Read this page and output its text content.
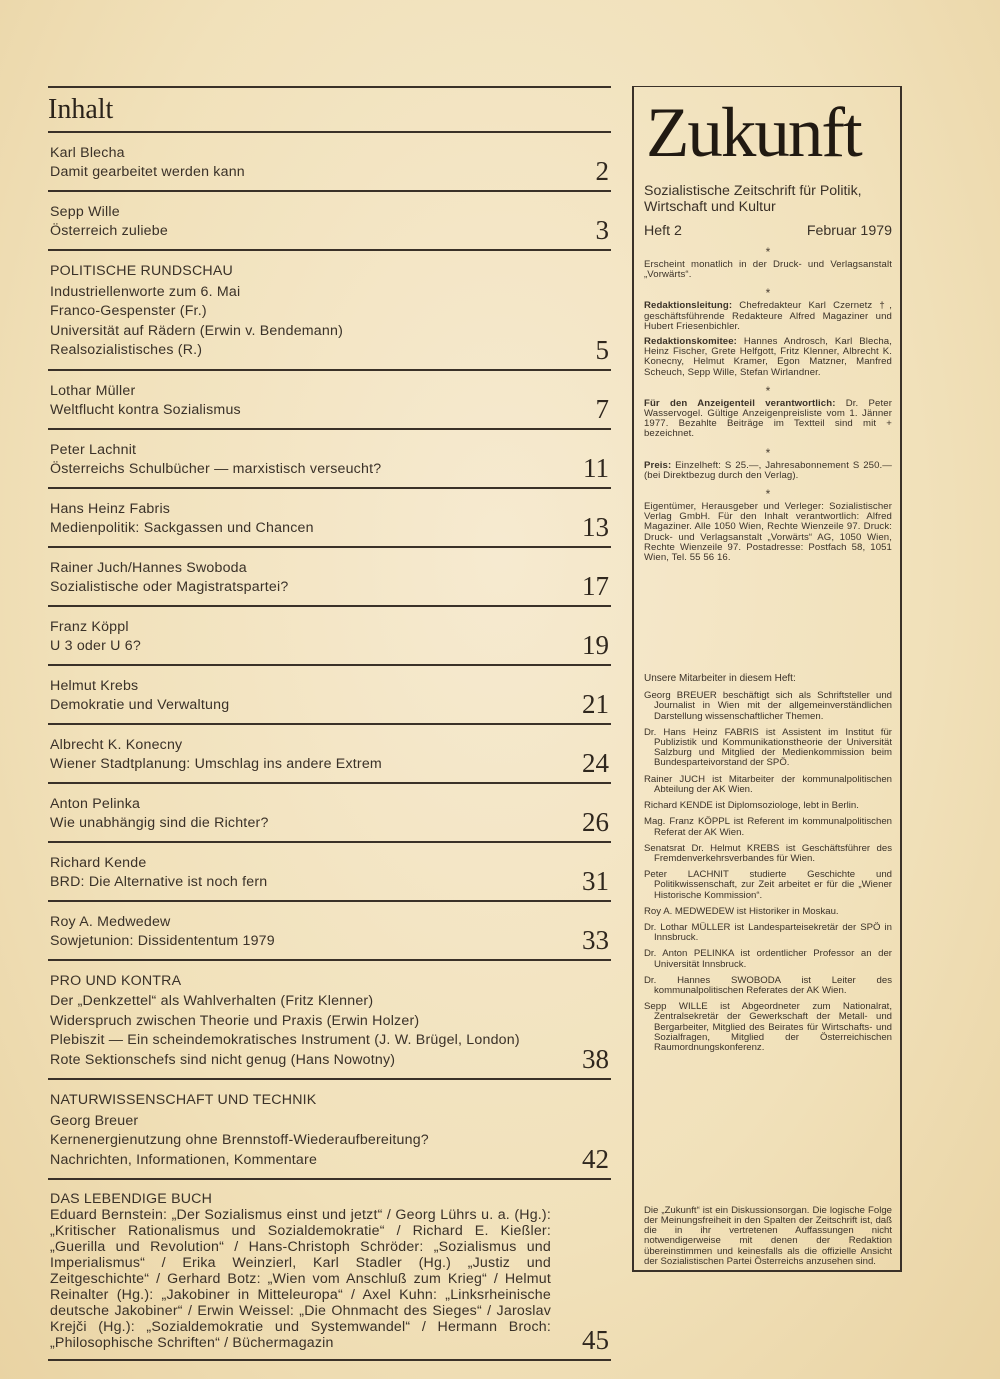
Inhalt
Karl Blecha
Damit gearbeitet werden kann	2
Sepp Wille
Österreich zuliebe	3
POLITISCHE RUNDSCHAU
Industriellenworte zum 6. Mai
Franco-Gespenster (Fr.)
Universität auf Rädern (Erwin v. Bendemann)
Realsozialistisches (R.)	5
Lothar Müller
Weltflucht kontra Sozialismus	7
Peter Lachnit
Österreichs Schulbücher — marxistisch verseucht?	11
Hans Heinz Fabris
Medienpolitik: Sackgassen und Chancen	13
Rainer Juch/Hannes Swoboda
Sozialistische oder Magistratspartei?	17
Franz Köppl
U 3 oder U 6?	19
Helmut Krebs
Demokratie und Verwaltung	21
Albrecht K. Konecny
Wiener Stadtplanung: Umschlag ins andere Extrem	24
Anton Pelinka
Wie unabhängig sind die Richter?	26
Richard Kende
BRD: Die Alternative ist noch fern	31
Roy A. Medwedew
Sowjetunion: Dissidententum 1979	33
PRO UND KONTRA
Der „Denkzettel“ als Wahlverhalten (Fritz Klenner)
Widerspruch zwischen Theorie und Praxis (Erwin Holzer)
Plebiszit — Ein scheindemokratisches Instrument (J. W. Brügel, London)
Rote Sektionschefs sind nicht genug (Hans Nowotny)	38
NATURWISSENSCHAFT UND TECHNIK
Georg Breuer
Kernenergienutzung ohne Brennstoff-Wiederaufbereitung?
Nachrichten, Informationen, Kommentare	42
DAS LEBENDIGE BUCH
Eduard Bernstein: „Der Sozialismus einst und jetzt“ / Georg Lührs u. a. (Hg.): „Kritischer Rationalismus und Sozialdemokratie“ / Richard E. Kießler: „Guerilla und Revolution“ / Hans-Christoph Schröder: „Sozialismus und Imperialismus“ / Erika Weinzierl, Karl Stadler (Hg.) „Justiz und Zeitgeschichte“ / Gerhard Botz: „Wien vom Anschluß zum Krieg“ / Helmut Reinalter (Hg.): „Jakobiner in Mitteleuropa“ / Axel Kuhn: „Linksrheinische deutsche Jakobiner“ / Erwin Weissel: „Die Ohnmacht des Sieges“ / Jaroslav Krejči (Hg.): „Sozialdemokratie und Systemwandel“ / Hermann Broch: „Philosophische Schriften“ / Büchermagazin	45
Zukunft
Sozialistische Zeitschrift für Politik, Wirtschaft und Kultur
Heft 2	Februar 1979
*
Erscheint monatlich in der Druck- und Verlagsanstalt „Vorwärts“.
*
Redaktionsleitung: Chefredakteur Karl Czernetz †, geschäftsführende Redakteure Alfred Magaziner und Hubert Friesenbichler.
Redaktionskomitee: Hannes Androsch, Karl Blecha, Heinz Fischer, Grete Helfgott, Fritz Klenner, Albrecht K. Konecny, Helmut Kramer, Egon Matzner, Manfred Scheuch, Sepp Wille, Stefan Wirlandner.
*
Für den Anzeigenteil verantwortlich: Dr. Peter Wasservogel. Gültige Anzeigenpreisliste vom 1. Jänner 1977. Bezahlte Beiträge im Textteil sind mit + bezeichnet.
*
Preis: Einzelheft: S 25.—, Jahresabonnement S 250.— (bei Direktbezug durch den Verlag).
*
Eigentümer, Herausgeber und Verleger: Sozialistischer Verlag GmbH. Für den Inhalt verantwortlich: Alfred Magaziner. Alle 1050 Wien, Rechte Wienzeile 97. Druck: Druck- und Verlagsanstalt „Vorwärts“ AG, 1050 Wien, Rechte Wienzeile 97. Postadresse: Postfach 58, 1051 Wien, Tel. 55 56 16.
Unsere Mitarbeiter in diesem Heft:
Georg BREUER beschäftigt sich als Schriftsteller und Journalist in Wien mit der allgemeinverständlichen Darstellung wissenschaftlicher Themen.
Dr. Hans Heinz FABRIS ist Assistent im Institut für Publizistik und Kommunikationstheorie der Universität Salzburg und Mitglied der Medienkommission beim Bundesparteivorstand der SPÖ.
Rainer JUCH ist Mitarbeiter der kommunalpolitischen Abteilung der AK Wien.
Richard KENDE ist Diplomsoziologe, lebt in Berlin.
Mag. Franz KÖPPL ist Referent im kommunalpolitischen Referat der AK Wien.
Senatsrat Dr. Helmut KREBS ist Geschäftsführer des Fremdenverkehrsverbandes für Wien.
Peter LACHNIT studierte Geschichte und Politikwissenschaft, zur Zeit arbeitet er für die „Wiener Historische Kommission“.
Roy A. MEDWEDEW ist Historiker in Moskau.
Dr. Lothar MÜLLER ist Landesparteisekretär der SPÖ in Innsbruck.
Dr. Anton PELINKA ist ordentlicher Professor an der Universität Innsbruck.
Dr. Hannes SWOBODA ist Leiter des kommunalpolitischen Referates der AK Wien.
Sepp WILLE ist Abgeordneter zum Nationalrat, Zentralsekretär der Gewerkschaft der Metall- und Bergarbeiter, Mitglied des Beirates für Wirtschafts- und Sozialfragen, Mitglied der Österreichischen Raumordnungskonferenz.
Die „Zukunft“ ist ein Diskussionsorgan. Die logische Folge der Meinungsfreiheit in den Spalten der Zeitschrift ist, daß die in ihr vertretenen Auffassungen nicht notwendigerweise mit denen der Redaktion übereinstimmen und keinesfalls als die offizielle Ansicht der Sozialistischen Partei Österreichs anzusehen sind.
